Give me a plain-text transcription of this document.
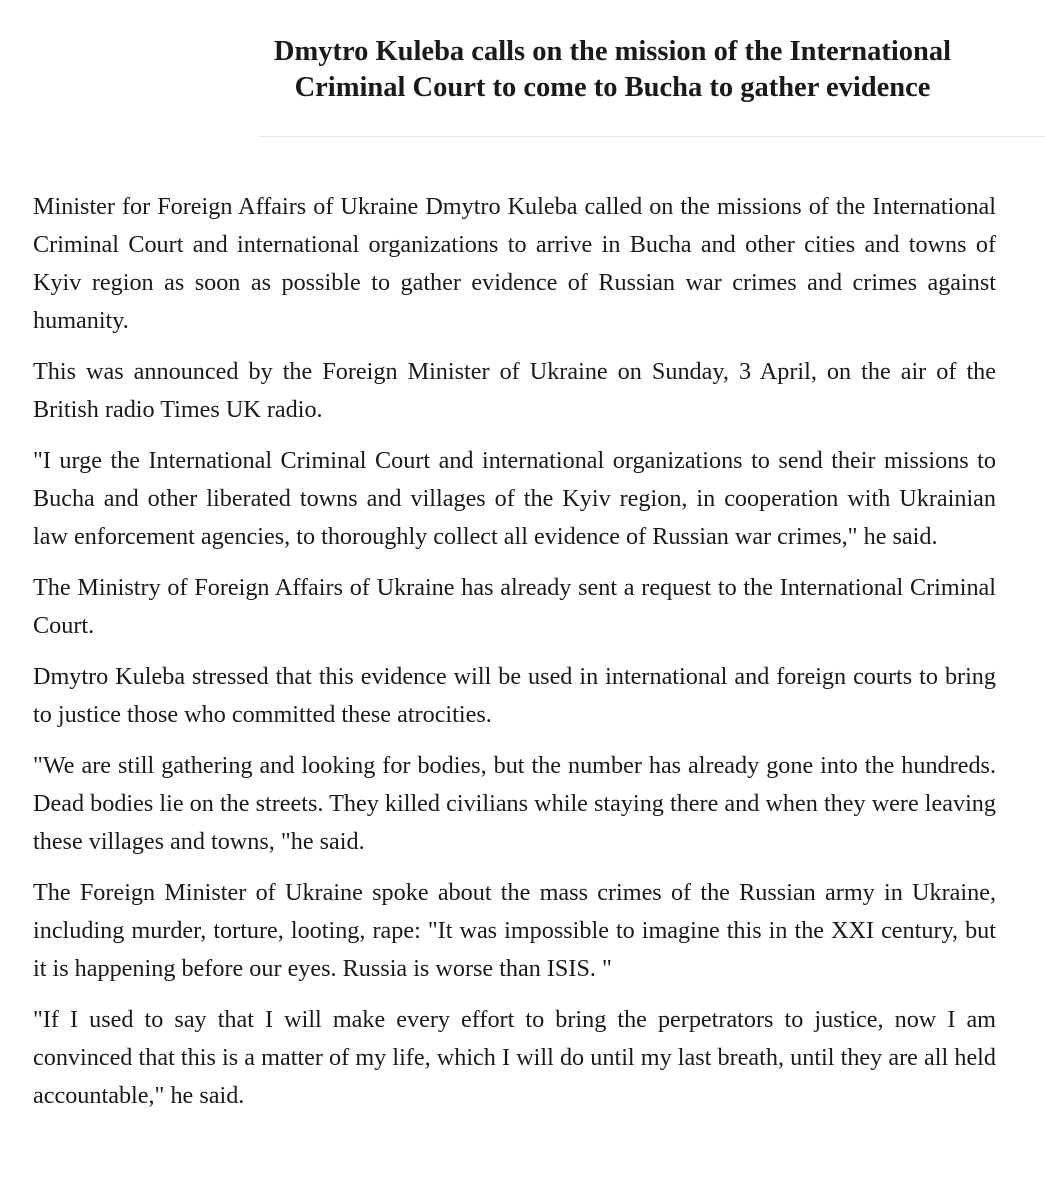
Dmytro Kuleba calls on the mission of the International
Criminal Court to come to Bucha to gather evidence

Minister for Foreign Affairs of Ukraine Dmytro Kuleba called on the missions of the International Criminal Court and international organizations to arrive in Bucha and other cities and towns of Kyiv region as soon as possible to gather evidence of Russian war crimes and crimes against humanity.

This was announced by the Foreign Minister of Ukraine on Sunday, 3 April, on the air of the British radio Times UK radio.

"I urge the International Criminal Court and international organizations to send their missions to Bucha and other liberated towns and villages of the Kyiv region, in cooperation with Ukrainian law enforcement agencies, to thoroughly collect all evidence of Russian war crimes," he said.

The Ministry of Foreign Affairs of Ukraine has already sent a request to the International Criminal Court.

Dmytro Kuleba stressed that this evidence will be used in international and foreign courts to bring to justice those who committed these atrocities.

"We are still gathering and looking for bodies, but the number has already gone into the hundreds. Dead bodies lie on the streets. They killed civilians while staying there and when they were leaving these villages and towns, "he said.

The Foreign Minister of Ukraine spoke about the mass crimes of the Russian army in Ukraine, including murder, torture, looting, rape: "It was impossible to imagine this in the XXI century, but it is happening before our eyes. Russia is worse than ISIS. "

"If I used to say that I will make every effort to bring the perpetrators to justice, now I am convinced that this is a matter of my life, which I will do until my last breath, until they are all held accountable," he said.
